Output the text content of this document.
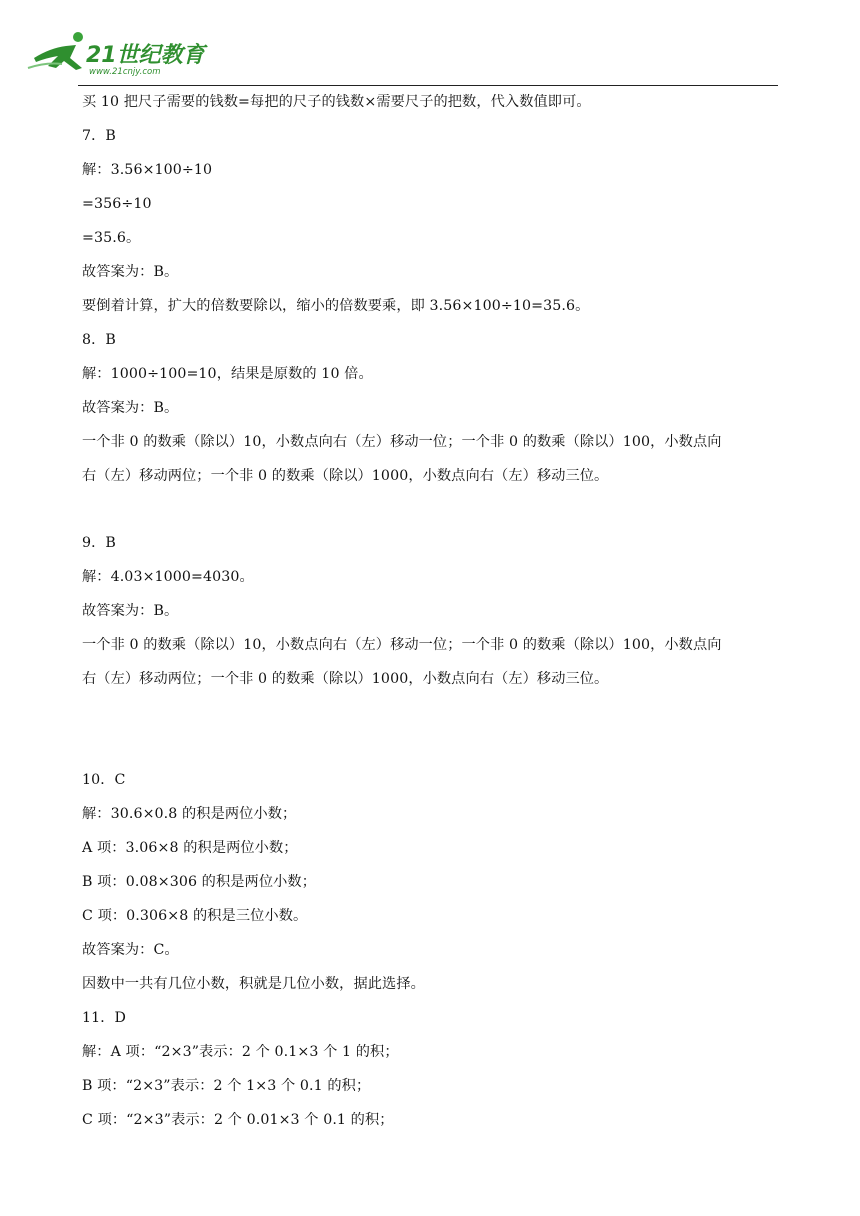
21世纪教育
www.21cnjy.com
买 10 把尺子需要的钱数=每把的尺子的钱数×需要尺子的把数，代入数值即可。
7．B
解：3.56×100÷10
=356÷10
=35.6。
故答案为：B。
要倒着计算，扩大的倍数要除以，缩小的倍数要乘，即 3.56×100÷10=35.6。
8．B
解：1000÷100=10，结果是原数的 10 倍。
故答案为：B。
一个非 0 的数乘（除以）10，小数点向右（左）移动一位；一个非 0 的数乘（除以）100，小数点向
右（左）移动两位；一个非 0 的数乘（除以）1000，小数点向右（左）移动三位。
9．B
解：4.03×1000=4030。
故答案为：B。
一个非 0 的数乘（除以）10，小数点向右（左）移动一位；一个非 0 的数乘（除以）100，小数点向
右（左）移动两位；一个非 0 的数乘（除以）1000，小数点向右（左）移动三位。
10．C
解：30.6×0.8 的积是两位小数；
A 项：3.06×8 的积是两位小数；
B 项：0.08×306 的积是两位小数；
C 项：0.306×8 的积是三位小数。
故答案为：C。
因数中一共有几位小数，积就是几位小数，据此选择。
11．D
解：A 项：“2×3”表示：2 个 0.1×3 个 1 的积；
B 项：“2×3”表示：2 个 1×3 个 0.1 的积；
C 项：“2×3”表示：2 个 0.01×3 个 0.1 的积；
